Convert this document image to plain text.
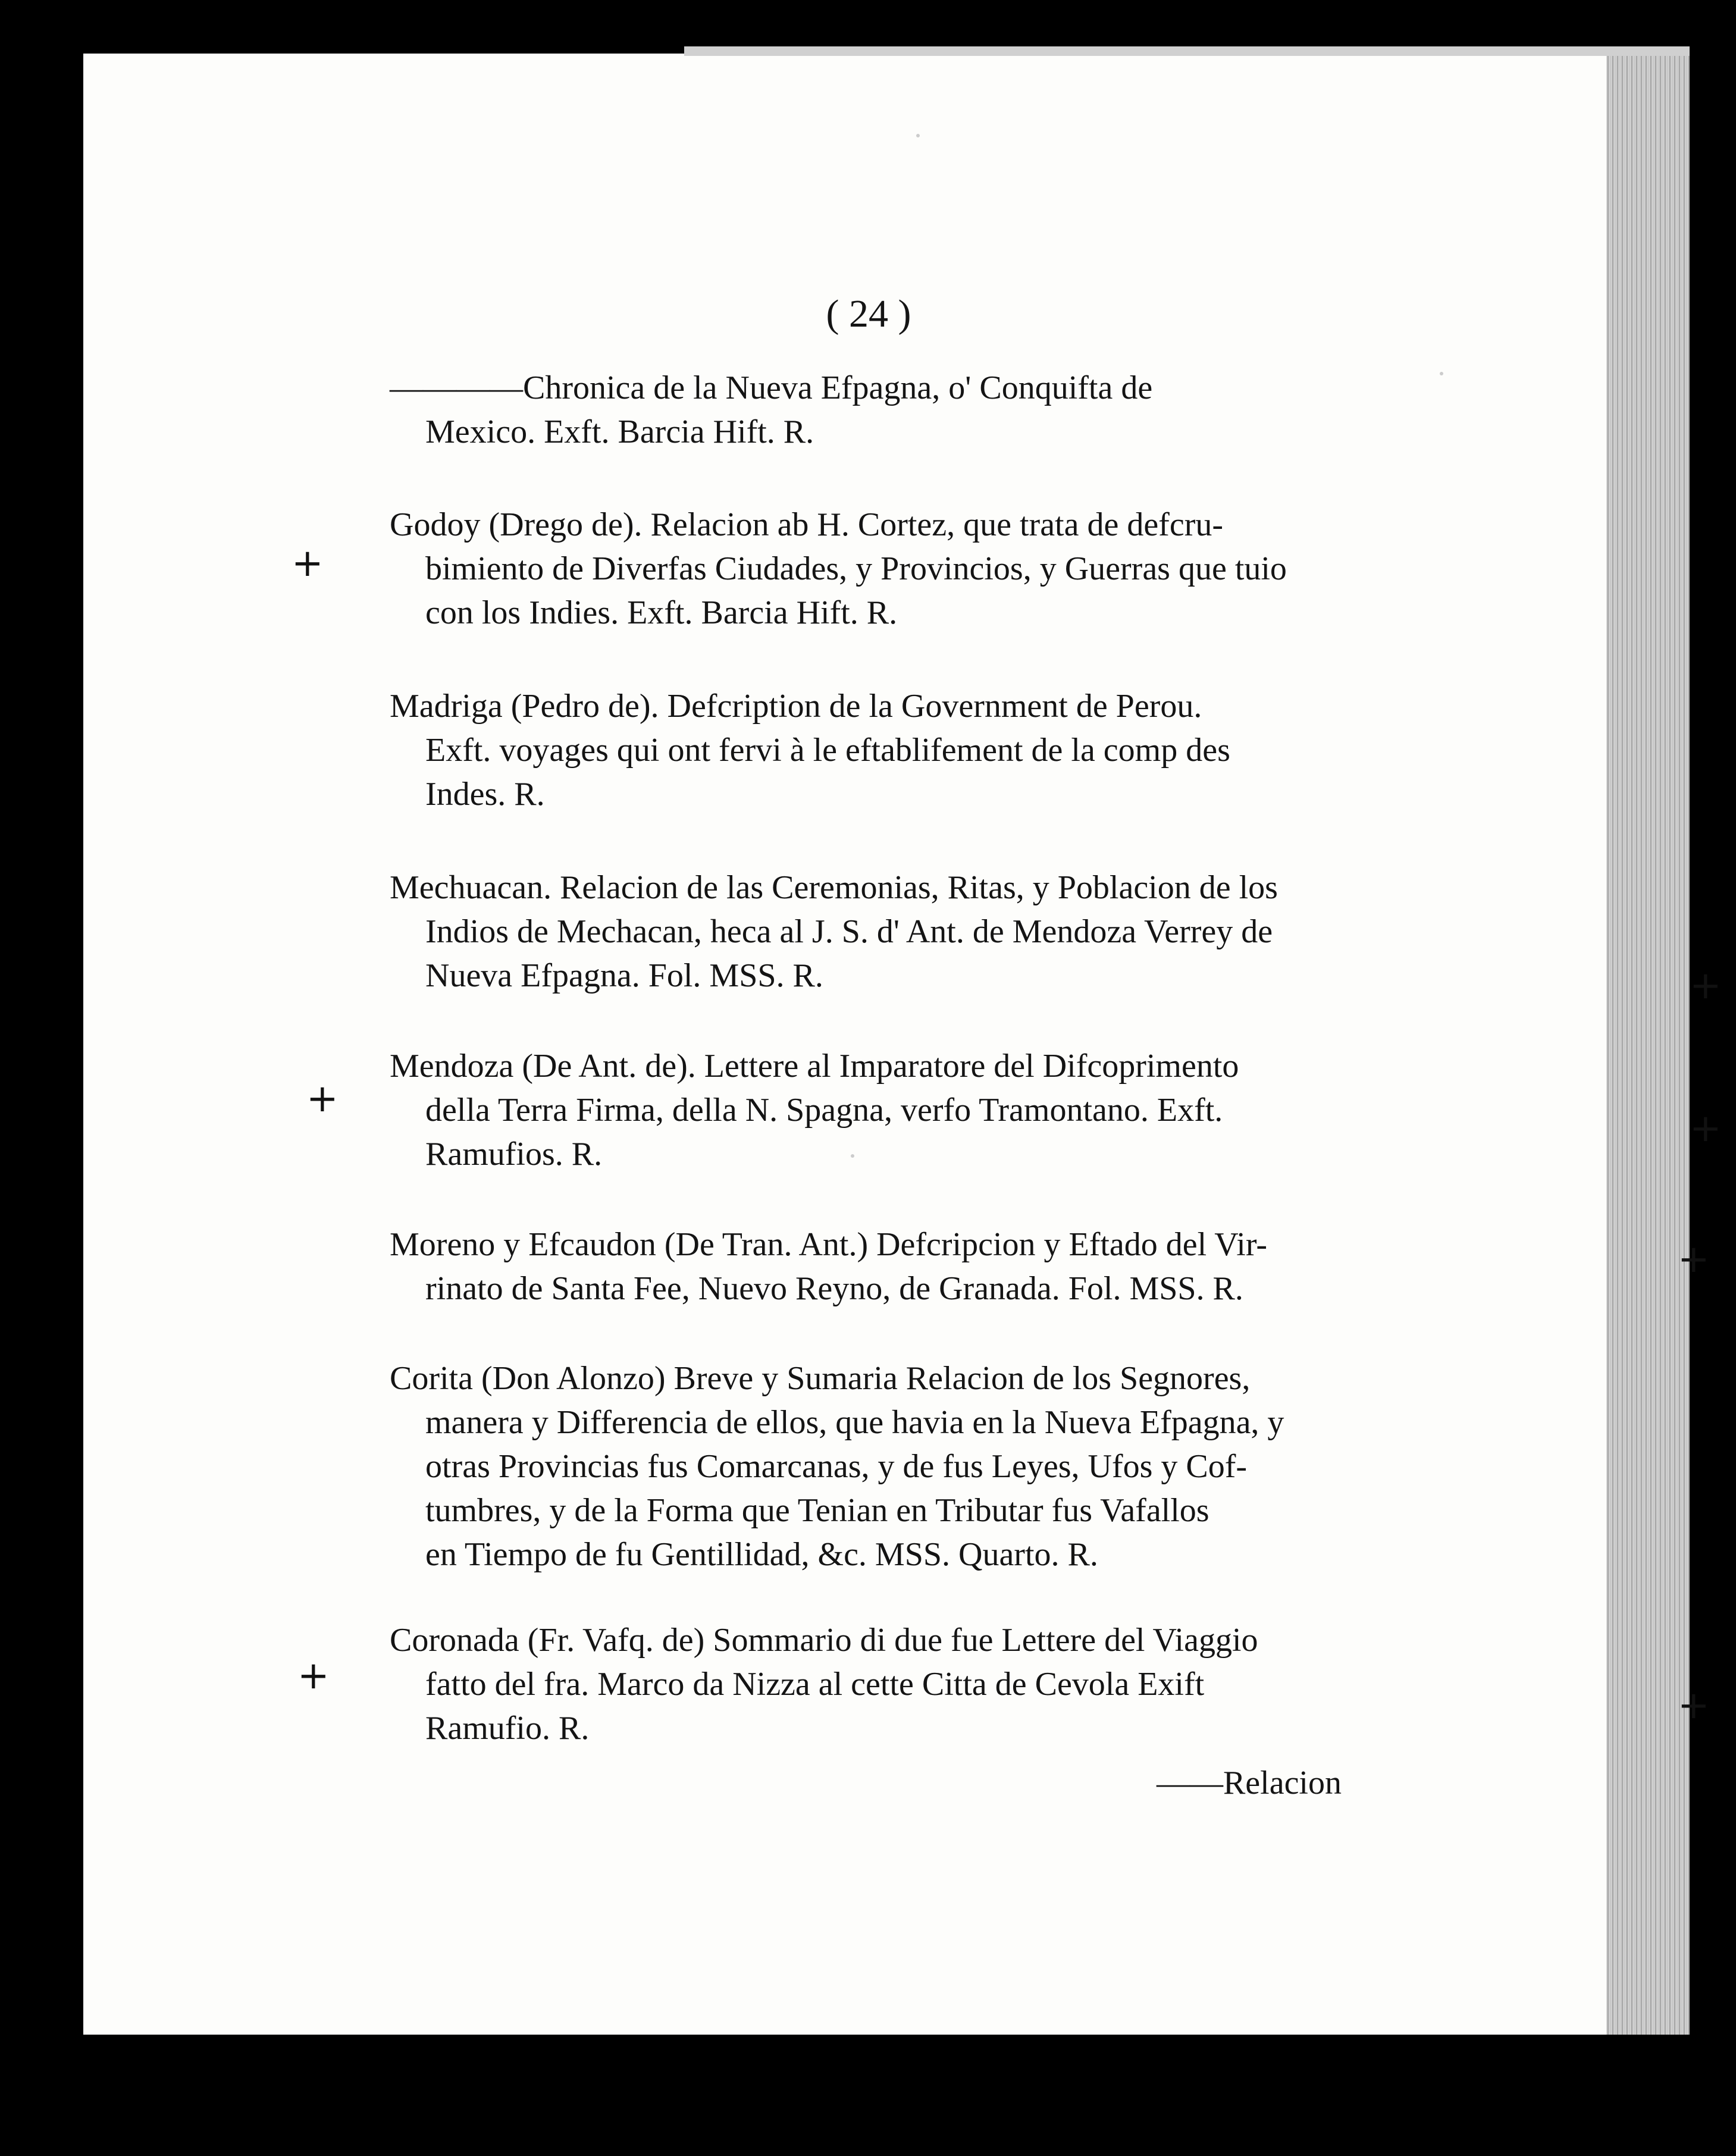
( 24 )
————Chronica de la Nueva Efpagna, o' Conquifta de
Mexico. Exft. Barcia Hift. R.
Godoy (Drego de). Relacion ab H. Cortez, que trata de defcru-
bimiento de Diverfas Ciudades, y Provincios, y Guerras que tuio
con los Indies. Exft. Barcia Hift. R.
Madriga (Pedro de). Defcription de la Government de Perou.
Exft. voyages qui ont fervi à le eftablifement de la comp des
Indes. R.
Mechuacan. Relacion de las Ceremonias, Ritas, y Poblacion de los
Indios de Mechacan, heca al J. S. d' Ant. de Mendoza Verrey de
Nueva Efpagna. Fol. MSS. R.
Mendoza (De Ant. de). Lettere al Imparatore del Difcoprimento
della Terra Firma, della N. Spagna, verfo Tramontano. Exft.
Ramufios. R.
Moreno y Efcaudon (De Tran. Ant.) Defcripcion y Eftado del Vir-
rinato de Santa Fee, Nuevo Reyno, de Granada. Fol. MSS. R.
Corita (Don Alonzo) Breve y Sumaria Relacion de los Segnores,
manera y Differencia de ellos, que havia en la Nueva Efpagna, y
otras Provincias fus Comarcanas, y de fus Leyes, Ufos y Cof-
tumbres, y de la Forma que Tenian en Tributar fus Vafallos
en Tiempo de fu Gentillidad, &c. MSS. Quarto. R.
Coronada (Fr. Vafq. de) Sommario di due fue Lettere del Viaggio
fatto del fra. Marco da Nizza al cette Citta de Cevola Exift
Ramufio. R.
——Relacion
+
+
+
+
+
+
+
